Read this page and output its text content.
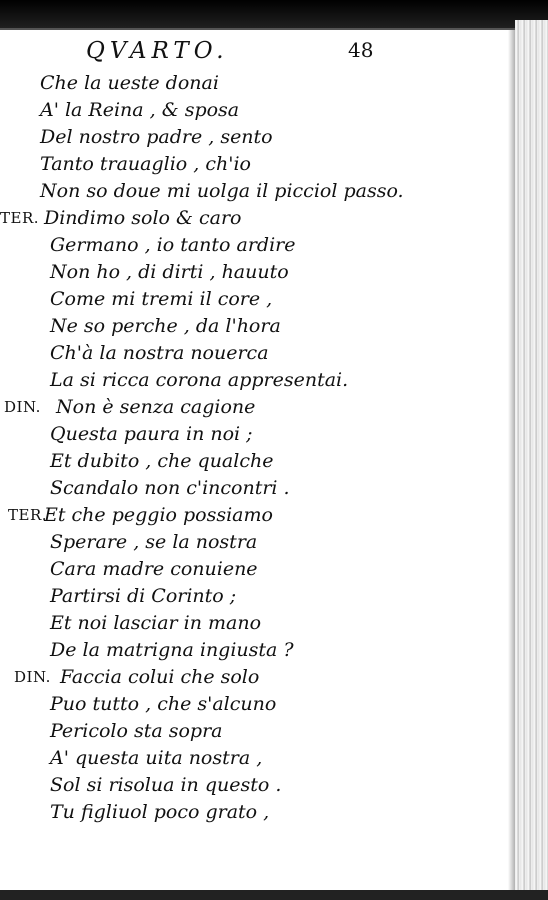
QVARTO.	48
Che la ueste donai
A' la Reina , & sposa
Del nostro padre , sento
Tanto trauaglio , ch'io
Non so doue mi uolga il picciol passo.
TER. Dindimo solo & caro
Germano , io tanto ardire
Non ho , di dirti , hauuto
Come mi tremi il core ,
Ne so perche , da l'hora
Ch'à la nostra nouerca
La si ricca corona appresentai.
DIN. Non è senza cagione
Questa paura in noi ;
Et dubito , che qualche
Scandalo non c'incontri .
TER.
Et che peggio possiamo
Sperare , se la nostra
Cara madre conuiene
Partirsi di Corinto ;
Et noi lasciar in mano
De la matrigna ingiusta ?
DIN. Faccia colui che solo
Puo tutto , che s'alcuno
Pericolo sta sopra
A' questa uita nostra ,
Sol si risolua in questo .
Tu figliuol poco grato ,
